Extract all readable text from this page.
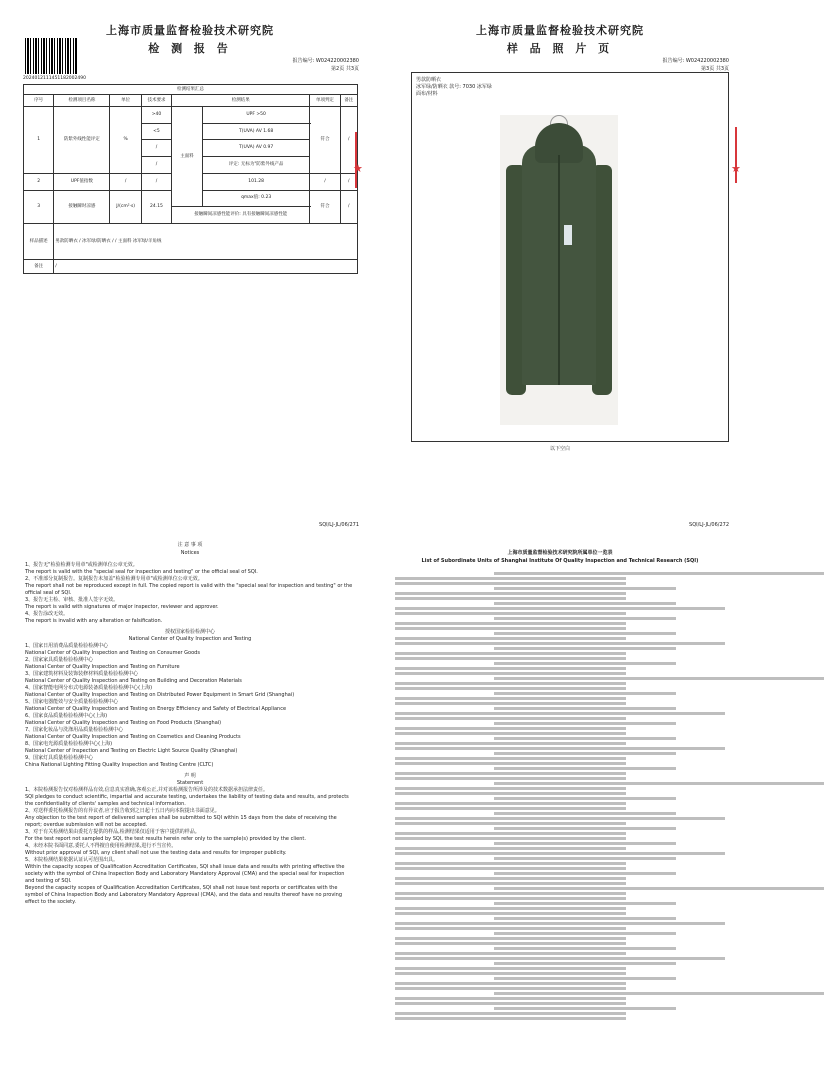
上海市质量监督检验技术研究院
检 测 报 告
2024012111451182002490
报告编号: W024220002380
第2页 共3页
检测结果汇总							
序号	检测项目名称	单位	技术要求	检测结果		单项判定	备注
1	防紫外线性能评定	%	>40	主面料	UPF >50	符合	/
			<5		T(UVA) AV 1.68		
			/		T(UVA) AV 0.97		
			/		评定: 无标为"防紫外线产品		
2	UPF值指数	/	/		101.28	/	/
3	接触瞬时凉感	J/(cm²·s)	24.15		qmax值: 0.23	符合	/
				接触瞬间凉感性能评价: 具有接触瞬间凉感性能			
样品描述	男款防晒衣 / 冰军绿/防晒衣 / / 主面料 冰军绿/羊角绒						
备注	/						
★
上海市质量监督检验技术研究院
样 品 照 片 页
报告编号: W024220002380
第3页 共3页
男款防晒衣
冰军绿/防晒衣 款号: 7030 冰军绿
面布/材料
以下空白
★
SQI/LJ-JL/06/271
注 意 事 项
Notices
1、报告无"检验检测专用章"或检测单位公章无效。
The report is valid with the "special seal for inspection and testing" or the official seal of SQI.
2、不准部分复制报告。复制报告未加盖"检验检测专用章"或检测单位公章无效。
The report shall not be reproduced except in full. The copied report is valid with the "special seal for inspection and testing" or the official seal of SQI.
3、报告无主检、审核、批准人签字无效。
The report is valid with signatures of major inspector, reviewer and approver.
4、报告涂改无效。
The report is invalid with any alteration or falsification.
授权国家检验检测中心
National Center of Quality Inspection and Testing
1、国家日用消费品质量检验检测中心
National Center of Quality Inspection and Testing on Consumer Goods
2、国家家具质量检验检测中心
National Center of Quality Inspection and Testing on Furniture
3、国家建筑材料及装饰装修材料质量检验检测中心
National Center of Quality Inspection and Testing on Building and Decoration Materials
4、国家智能电网分布式电源装备质量检验检测中心(上海)
National Center of Quality Inspection and Testing on Distributed Power Equipment in Smart Grid (Shanghai)
5、国家电器能效与安全质量检验检测中心
National Center of Quality Inspection and Testing on Energy Efficiency and Safety of Electrical Appliance
6、国家食品质量检验检测中心(上海)
National Center of Quality Inspection and Testing on Food Products (Shanghai)
7、国家化妆品与洗涤用品质量检验检测中心
National Center of Quality Inspection and Testing on Cosmetics and Cleaning Products
8、国家电光源质量检验检测中心(上海)
National Center of Inspection and Testing on Electric Light Source Quality (Shanghai)
9、国家灯具质量检验检测中心
China National Lighting Fitting Quality Inspection and Testing Centre (CLTC)
声 明
Statement
1、本院检测报告仅对检测样品有效,信息真实准确,客观公正,并对该检测报告所涉及的技术数据承担法律责任。
SQI pledges to conduct scientific, impartial and accurate testing, undertakes the liability of testing data and results, and protects the confidentiality of clients' samples and technical information.
2、对送样委托检测报告的有异议者,应于报告收到之日起十五日内向本院提出书面意见。
Any objection to the test report of delivered samples shall be submitted to SQI within 15 days from the date of receiving the report; overdue submission will not be accepted.
3、对于有关检测结果由委托方提供的样品,检测结果仅适用于客户提供的样品。
For the test report not sampled by SQI, the test results herein refer only to the sample(s) provided by the client.
4、未经本院书面同意,委托人不得擅自使用检测结果,进行不当宣传。
Without prior approval of SQI, any client shall not use the testing data and results for improper publicity.
5、本院检测结果依据认证认可范围出具。
Within the capacity scopes of Qualification Accreditation Certificates, SQI shall issue data and results with printing effective the society with the symbol of China Inspection Body and Laboratory Mandatory Approval (CMA) and the special seal for inspection and testing of SQI.
Beyond the capacity scopes of Qualification Accreditation Certificates, SQI shall not issue test reports or certificates with the symbol of China Inspection Body and Laboratory Mandatory Approval (CMA), and the data and results thereof have no proving effect to the society.
SQI/LJ-JL/06/272
上海市质量监督检验技术研究院所属单位一览表
List of Subordinate Units of Shanghai Institute Of Quality Inspection and Technical Research (SQI)
